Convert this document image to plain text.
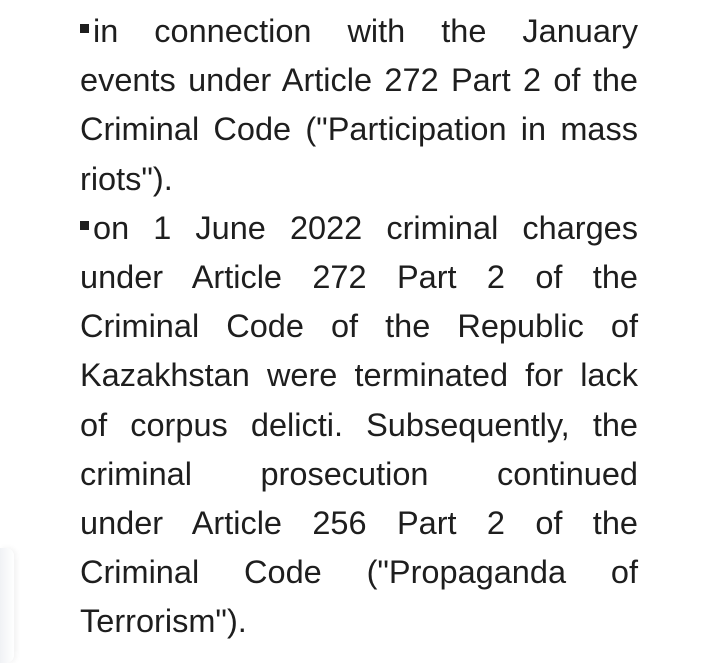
in connection with the January
events under Article 272 Part 2 of the
Criminal Code ("Participation in mass
riots").
on 1 June 2022 criminal charges
under Article 272 Part 2 of the
Criminal Code of the Republic of
Kazakhstan were terminated for lack
of corpus delicti. Subsequently, the
criminal prosecution continued
under Article 256 Part 2 of the
Criminal Code ("Propaganda of
Terrorism").
